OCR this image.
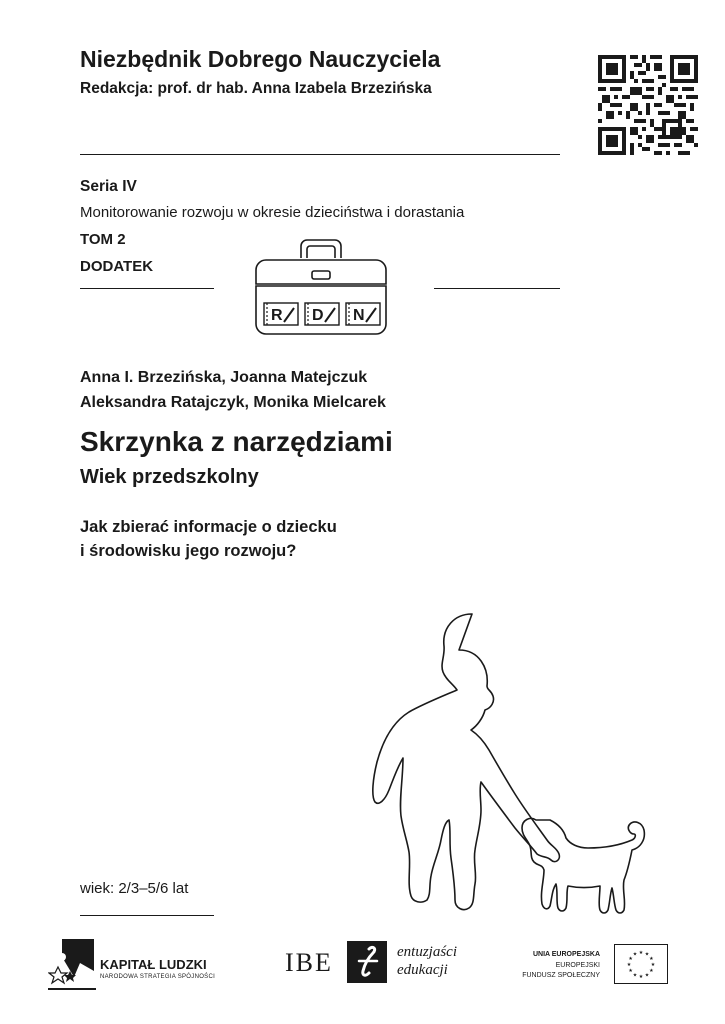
Niezbędnik Dobrego Nauczyciela
Redakcja: prof. dr hab. Anna Izabela Brzezińska
Seria IV
Monitorowanie rozwoju w okresie dzieciństwa i dorastania
TOM 2
DODATEK
R D N
Anna I. Brzezińska, Joanna Matejczuk
Aleksandra Ratajczyk, Monika Mielcarek
Skrzynka z narzędziami
Wiek przedszkolny
Jak zbierać informacje o dziecku
i środowisku jego rozwoju?
wiek: 2/3–5/6 lat
KAPITAŁ LUDZKI
NARODOWA STRATEGIA SPÓJNOŚCI	IBE	entuzjaści
edukacji
UNIA EUROPEJSKA
EUROPEJSKI
FUNDUSZ SPOŁECZNY
★ ★
★
★
★
★
★
★
★
★
★
★
